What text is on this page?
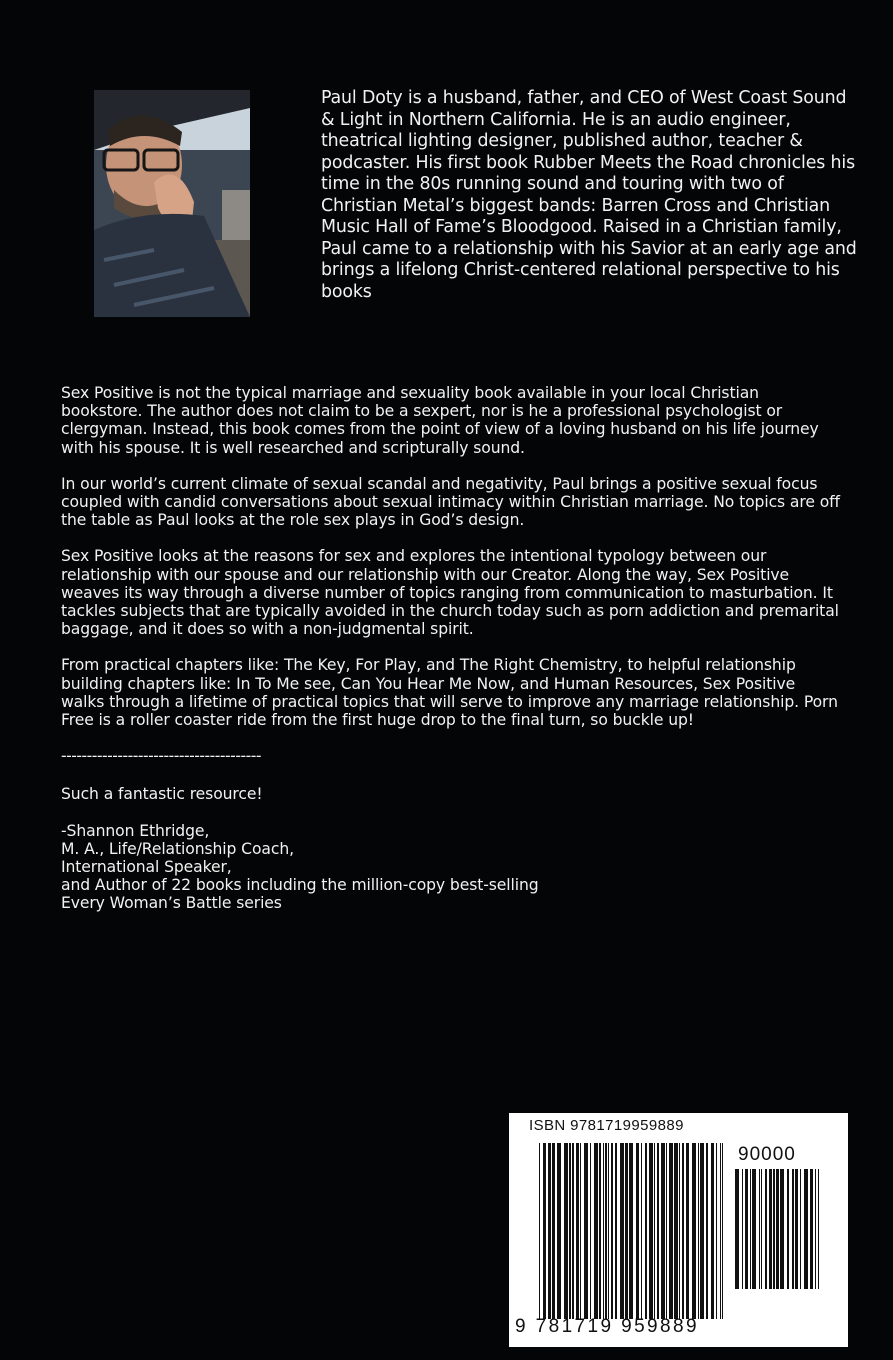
Paul Doty is a husband, father, and CEO of West Coast Sound & Light in Northern California. He is an audio engineer, theatrical lighting designer, published author, teacher & podcaster. His first book Rubber Meets the Road chronicles his time in the 80s running sound and touring with two of Christian Metal’s biggest bands: Barren Cross and Christian Music Hall of Fame’s Bloodgood. Raised in a Christian family, Paul came to a relationship with his Savior at an early age and brings a lifelong Christ-centered relational perspective to his books

Sex Positive is not the typical marriage and sexuality book available in your local Christian bookstore. The author does not claim to be a sexpert, nor is he a professional psychologist or clergyman. Instead, this book comes from the point of view of a loving husband on his life journey with his spouse. It is well researched and scripturally sound.

In our world’s current climate of sexual scandal and negativity, Paul brings a positive sexual focus coupled with candid conversations about sexual intimacy within Christian marriage. No topics are off the table as Paul looks at the role sex plays in God’s design.

Sex Positive looks at the reasons for sex and explores the intentional typology between our relationship with our spouse and our relationship with our Creator. Along the way, Sex Positive weaves its way through a diverse number of topics ranging from communication to masturbation. It tackles subjects that are typically avoided in the church today such as porn addiction and premarital baggage, and it does so with a non-judgmental spirit.

From practical chapters like: The Key, For Play, and The Right Chemistry, to helpful relationship building chapters like: In To Me see, Can You Hear Me Now, and Human Resources, Sex Positive walks through a lifetime of practical topics that will serve to improve any marriage relationship. Porn Free is a roller coaster ride from the first huge drop to the final turn, so buckle up!

---------------------------------------

Such a fantastic resource!

-Shannon Ethridge,
M. A., Life/Relationship Coach,
International Speaker,
and Author of 22 books including the million-copy best-selling
Every Woman’s Battle series

ISBN 9781719959889
90000
9 781719 959889
